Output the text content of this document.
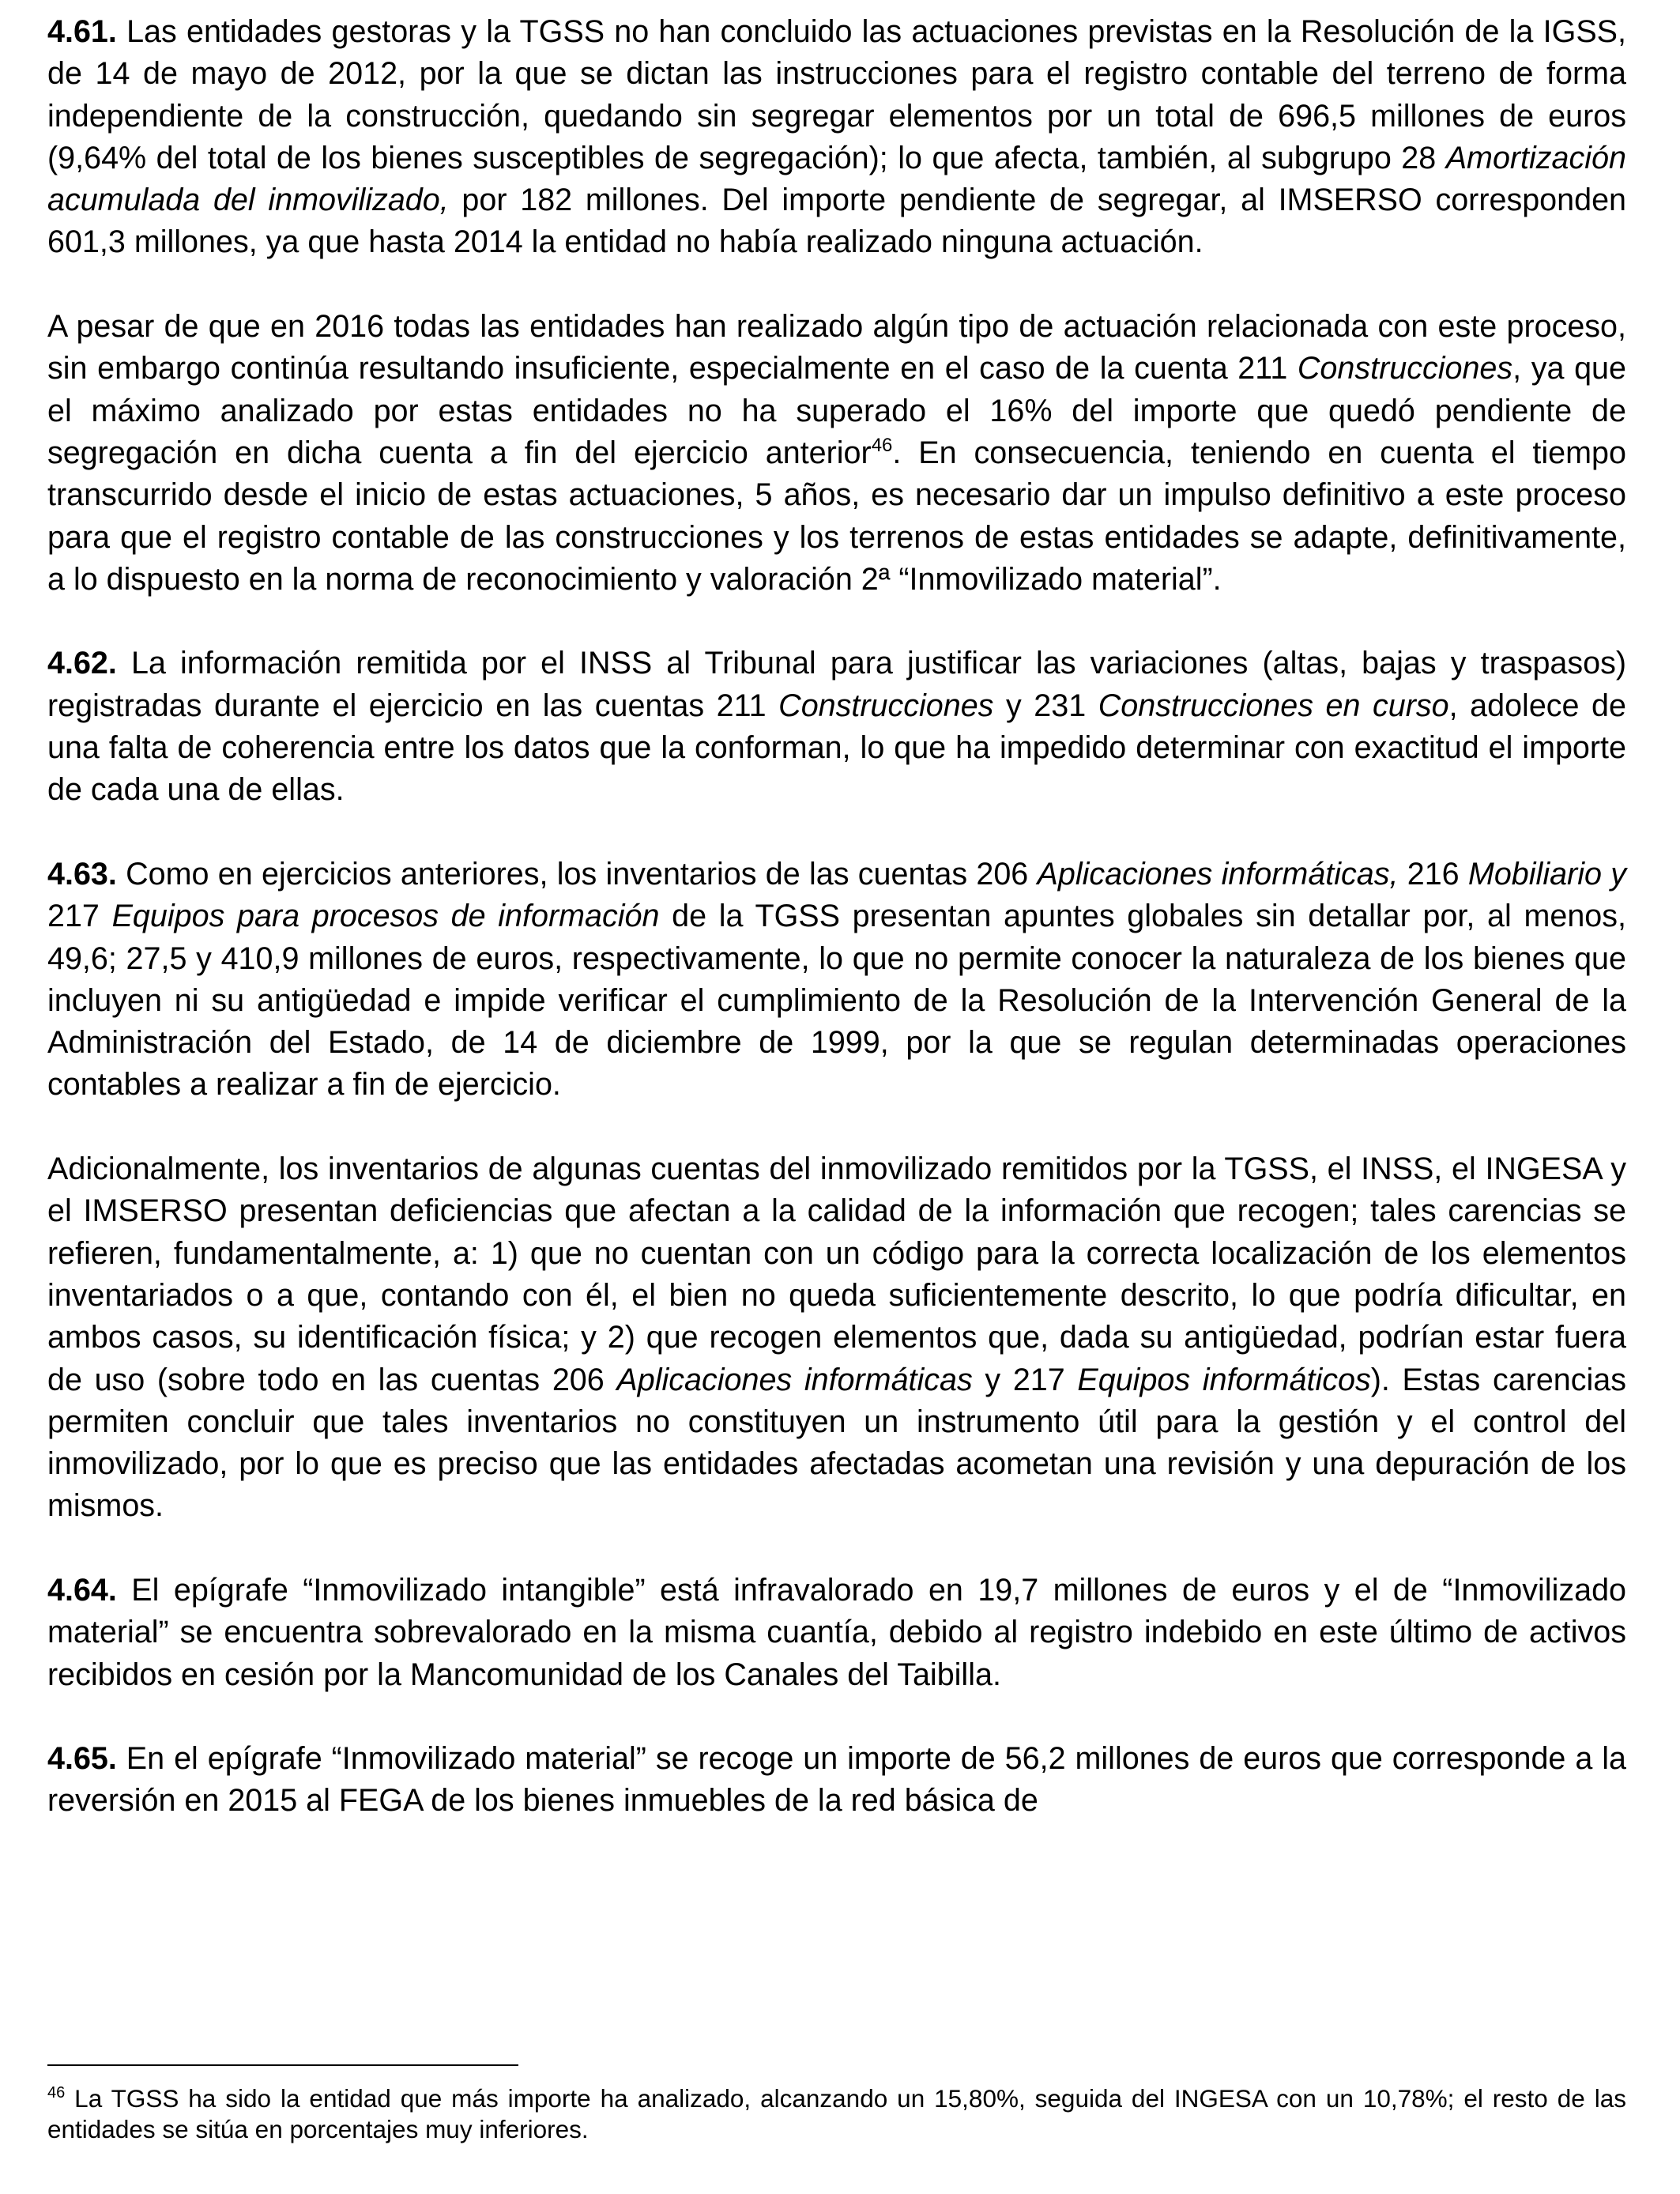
4.61. Las entidades gestoras y la TGSS no han concluido las actuaciones previstas en la Resolución de la IGSS, de 14 de mayo de 2012, por la que se dictan las instrucciones para el registro contable del terreno de forma independiente de la construcción, quedando sin segregar elementos por un total de 696,5 millones de euros (9,64% del total de los bienes susceptibles de segregación); lo que afecta, también, al subgrupo 28 Amortización acumulada del inmovilizado, por 182 millones. Del importe pendiente de segregar, al IMSERSO corresponden 601,3 millones, ya que hasta 2014 la entidad no había realizado ninguna actuación.

A pesar de que en 2016 todas las entidades han realizado algún tipo de actuación relacionada con este proceso, sin embargo continúa resultando insuficiente, especialmente en el caso de la cuenta 211 Construcciones, ya que el máximo analizado por estas entidades no ha superado el 16% del importe que quedó pendiente de segregación en dicha cuenta a fin del ejercicio anterior$^{46}$. En consecuencia, teniendo en cuenta el tiempo transcurrido desde el inicio de estas actuaciones, 5 años, es necesario dar un impulso definitivo a este proceso para que el registro contable de las construcciones y los terrenos de estas entidades se adapte, definitivamente, a lo dispuesto en la norma de reconocimiento y valoración 2ª “Inmovilizado material”.

4.62. La información remitida por el INSS al Tribunal para justificar las variaciones (altas, bajas y traspasos) registradas durante el ejercicio en las cuentas 211 Construcciones y 231 Construcciones en curso, adolece de una falta de coherencia entre los datos que la conforman, lo que ha impedido determinar con exactitud el importe de cada una de ellas.

4.63. Como en ejercicios anteriores, los inventarios de las cuentas 206 Aplicaciones informáticas, 216 Mobiliario y 217 Equipos para procesos de información de la TGSS presentan apuntes globales sin detallar por, al menos, 49,6; 27,5 y 410,9 millones de euros, respectivamente, lo que no permite conocer la naturaleza de los bienes que incluyen ni su antigüedad e impide verificar el cumplimiento de la Resolución de la Intervención General de la Administración del Estado, de 14 de diciembre de 1999, por la que se regulan determinadas operaciones contables a realizar a fin de ejercicio.

Adicionalmente, los inventarios de algunas cuentas del inmovilizado remitidos por la TGSS, el INSS, el INGESA y el IMSERSO presentan deficiencias que afectan a la calidad de la información que recogen; tales carencias se refieren, fundamentalmente, a: 1) que no cuentan con un código para la correcta localización de los elementos inventariados o a que, contando con él, el bien no queda suficientemente descrito, lo que podría dificultar, en ambos casos, su identificación física; y 2) que recogen elementos que, dada su antigüedad, podrían estar fuera de uso (sobre todo en las cuentas 206 Aplicaciones informáticas y 217 Equipos informáticos). Estas carencias permiten concluir que tales inventarios no constituyen un instrumento útil para la gestión y el control del inmovilizado, por lo que es preciso que las entidades afectadas acometan una revisión y una depuración de los mismos.

4.64. El epígrafe “Inmovilizado intangible” está infravalorado en 19,7 millones de euros y el de “Inmovilizado material” se encuentra sobrevalorado en la misma cuantía, debido al registro indebido en este último de activos recibidos en cesión por la Mancomunidad de los Canales del Taibilla.

4.65. En el epígrafe “Inmovilizado material” se recoge un importe de 56,2 millones de euros que corresponde a la reversión en 2015 al FEGA de los bienes inmuebles de la red básica de

$^{46}$ La TGSS ha sido la entidad que más importe ha analizado, alcanzando un 15,80%, seguida del INGESA con un 10,78%; el resto de las entidades se sitúa en porcentajes muy inferiores.
